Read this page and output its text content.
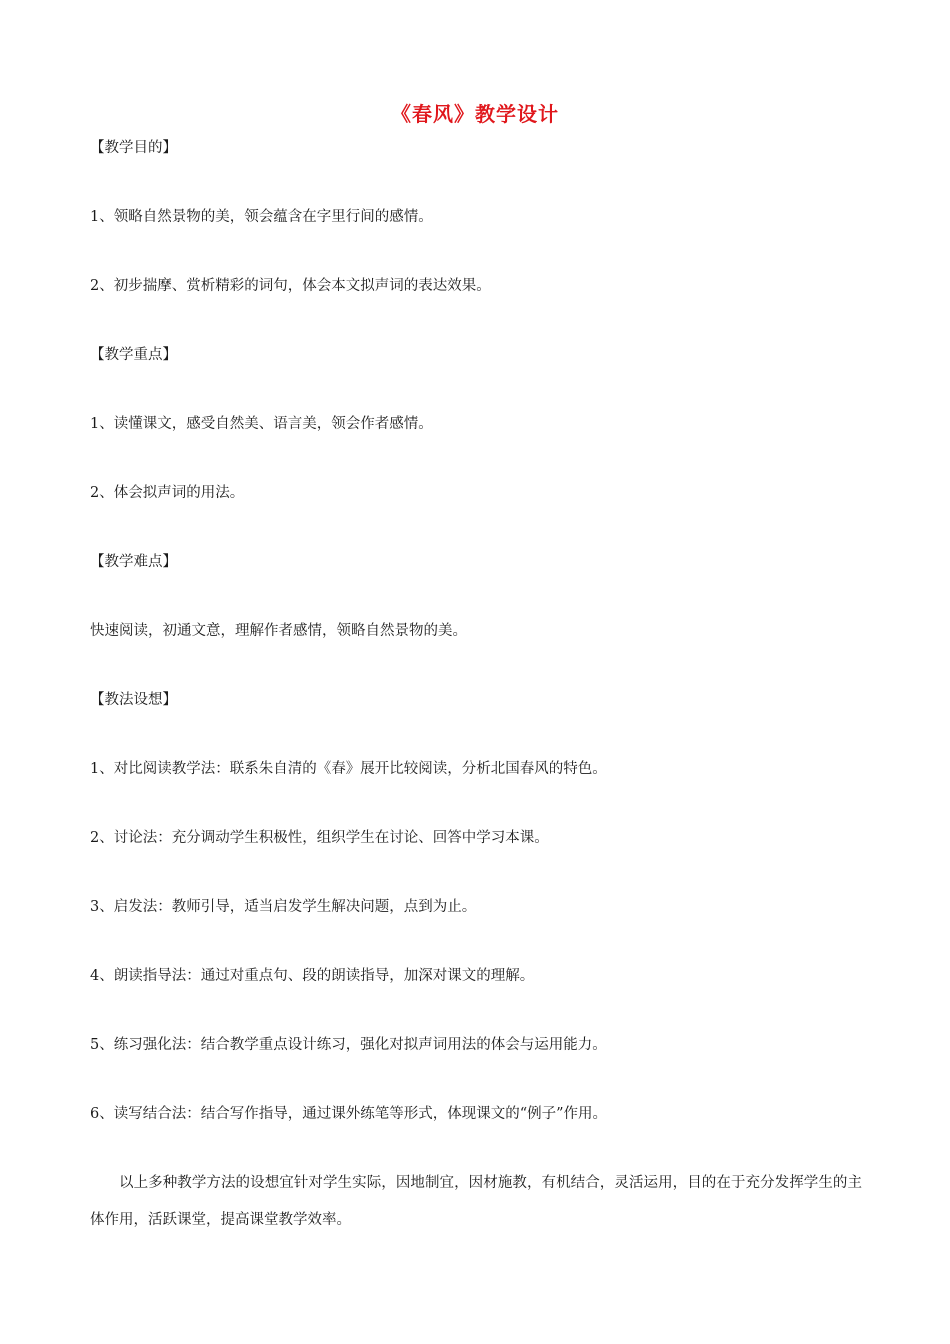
《春风》教学设计
【教学目的】
1、领略自然景物的美，领会蕴含在字里行间的感情。
2、初步揣摩、赏析精彩的词句，体会本文拟声词的表达效果。
【教学重点】
1、读懂课文，感受自然美、语言美，领会作者感情。
2、体会拟声词的用法。
【教学难点】
快速阅读，初通文意，理解作者感情，领略自然景物的美。
【教法设想】
1、对比阅读教学法：联系朱自清的《春》展开比较阅读，分析北国春风的特色。
2、讨论法：充分调动学生积极性，组织学生在讨论、回答中学习本课。
3、启发法：教师引导，适当启发学生解决问题，点到为止。
4、朗读指导法：通过对重点句、段的朗读指导，加深对课文的理解。
5、练习强化法：结合教学重点设计练习，强化对拟声词用法的体会与运用能力。
6、读写结合法：结合写作指导，通过课外练笔等形式，体现课文的“例子”作用。
以上多种教学方法的设想宜针对学生实际，因地制宜，因材施教，有机结合，灵活运用，目的在于充分发挥学生的主体作用，活跃课堂，提高课堂教学效率。
